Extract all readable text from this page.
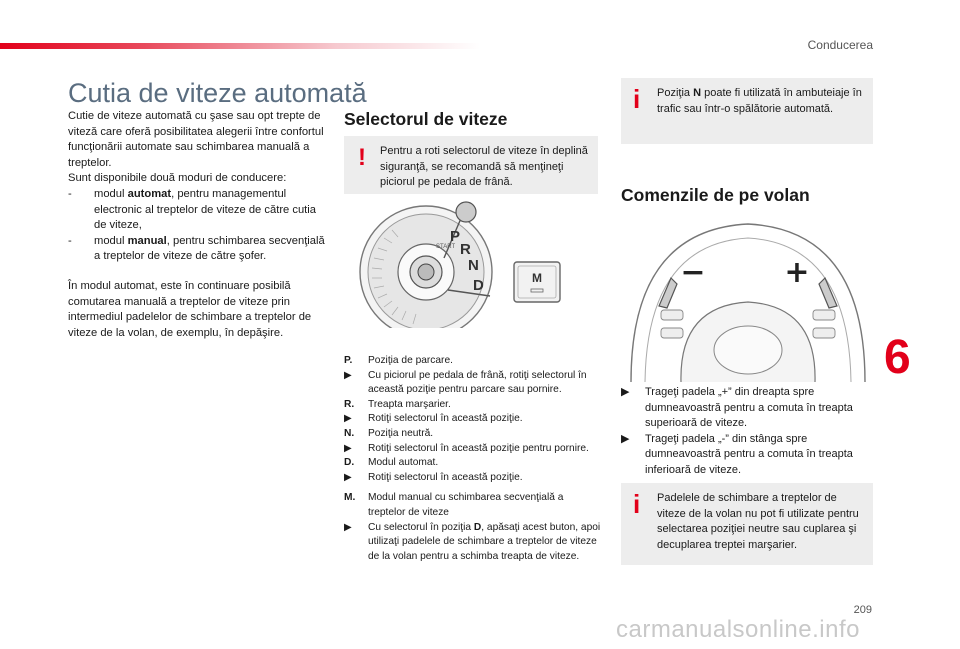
Conducerea
Cutia de viteze automată
Cutie de viteze automată cu şase sau opt trepte de viteză care oferă posibilitatea alegerii între confortul funcţionării automate sau schimbarea manuală a treptelor.
Sunt disponibile două moduri de conducere:
-	modul automat, pentru managementul electronic al treptelor de viteze de către cutia de viteze,
-	modul manual, pentru schimbarea secvenţială a treptelor de viteze de către şofer.
În modul automat, este în continuare posibilă comutarea manuală a treptelor de viteze prin intermediul padelelor de schimbare a treptelor de viteze de la volan, de exemplu, în depăşire.
Selectorul de viteze
! Pentru a roti selectorul de viteze în deplină siguranţă, se recomandă să menţineţi piciorul pe pedala de frână.
P
R
N
D
START
M
P.	Poziţia de parcare.
▶	Cu piciorul pe pedala de frână, rotiţi selectorul în această poziţie pentru parcare sau pornire.
R.	Treapta marşarier.
▶	Rotiţi selectorul în această poziţie.
N.	Poziţia neutră.
▶	Rotiţi selectorul în această poziţie pentru pornire.
D.	Modul automat.
▶	Rotiţi selectorul în această poziţie.
M.	Modul manual cu schimbarea secvenţială a treptelor de viteze
▶	Cu selectorul în poziţia D, apăsaţi acest buton, apoi utilizaţi padelele de schimbare a treptelor de viteze de la volan pentru a schimba treapta de viteze.
i Poziţia N poate fi utilizată în ambuteiaje în trafic sau într-o spălătorie automată.
Comenzile de pe volan
−	+
▶	Trageţi padela „+” din dreapta spre dumneavoastră pentru a comuta în treapta superioară de viteze.
▶	Trageţi padela „-” din stânga spre dumneavoastră pentru a comuta în treapta inferioară de viteze.
i Padelele de schimbare a treptelor de viteze de la volan nu pot fi utilizate pentru selectarea poziţiei neutre sau cuplarea şi decuplarea treptei marşarier.
6
209
carmanualsonline.info
